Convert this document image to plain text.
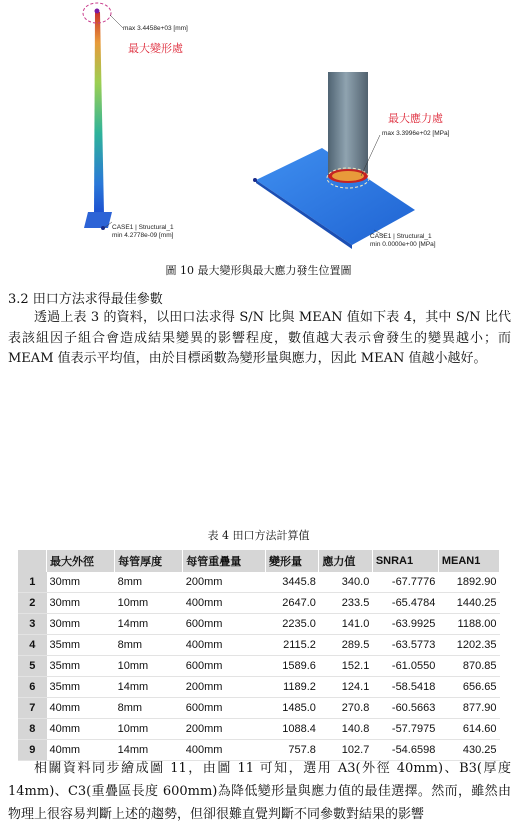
max 3.4458e+03 [mm]
最大變形處
CASE1 | Structural_1
min 4.2778e-09 [mm]
最大應力處
max 3.3996e+02 [MPa]
CASE1 | Structural_1
min 0.0000e+00 [MPa]
圖 10 最大變形與最大應力發生位置圖
3.2 田口方法求得最佳參數
透過上表 3 的資料，以田口法求得 S/N 比與 MEAN 值如下表 4，其中 S/N 比代表該組因子組合會造成結果變異的影響程度，數值越大表示會發生的變異越小；而 MEAM 值表示平均值，由於目標函數為變形量與應力，因此 MEAN 值越小越好。
表 4 田口方法計算值
	最大外徑	每管厚度	每管重疊量	變形量	應力值	SNRA1	MEAN1
1	30mm	8mm	200mm	3445.8	340.0	-67.7776	1892.90
2	30mm	10mm	400mm	2647.0	233.5	-65.4784	1440.25
3	30mm	14mm	600mm	2235.0	141.0	-63.9925	1188.00
4	35mm	8mm	400mm	2115.2	289.5	-63.5773	1202.35
5	35mm	10mm	600mm	1589.6	152.1	-61.0550	870.85
6	35mm	14mm	200mm	1189.2	124.1	-58.5418	656.65
7	40mm	8mm	600mm	1485.0	270.8	-60.5663	877.90
8	40mm	10mm	200mm	1088.4	140.8	-57.7975	614.60
9	40mm	14mm	400mm	757.8	102.7	-54.6598	430.25
相關資料同步繪成圖 11，由圖 11 可知，選用 A3(外徑 40mm)、B3(厚度 14mm)、C3(重疊區長度 600mm)為降低變形量與應力值的最佳選擇。然而，雖然由物理上很容易判斷上述的趨勢，但卻很難直覺判斷不同參數對結果的影響
